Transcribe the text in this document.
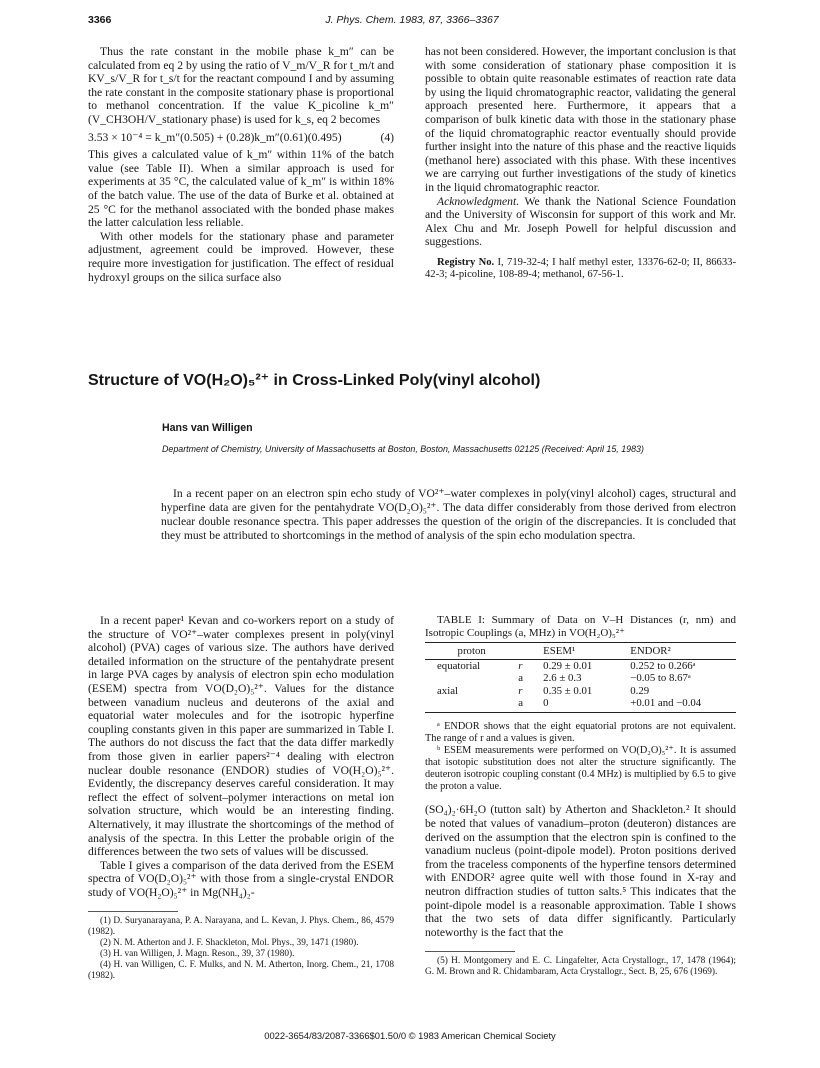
3366	J. Phys. Chem. 1983, 87, 3366–3367

Thus the rate constant in the mobile phase k_m″ can be calculated from eq 2 by using the ratio of V_m/V_R for t_m/t and KV_s/V_R for t_s/t for the reactant compound I and by assuming the rate constant in the composite stationary phase is proportional to methanol concentration. If the value K_picoline k_m″(V_CH3OH/V_stationary phase) is used for k_s, eq 2 becomes

3.53 × 10⁻⁴ = k_m″(0.505) + (0.28)k_m″(0.61)(0.495)	(4)

This gives a calculated value of k_m″ within 11% of the batch value (see Table II). When a similar approach is used for experiments at 35 °C, the calculated value of k_m″ is within 18% of the batch value. The use of the data of Burke et al. obtained at 25 °C for the methanol associated with the bonded phase makes the latter calculation less reliable.

With other models for the stationary phase and parameter adjustment, agreement could be improved. However, these require more investigation for justification. The effect of residual hydroxyl groups on the silica surface also

has not been considered. However, the important conclusion is that with some consideration of stationary phase composition it is possible to obtain quite reasonable estimates of reaction rate data by using the liquid chromatographic reactor, validating the general approach presented here. Furthermore, it appears that a comparison of bulk kinetic data with those in the stationary phase of the liquid chromatographic reactor eventually should provide further insight into the nature of this phase and the reactive liquids (methanol here) associated with this phase. With these incentives we are carrying out further investigations of the study of kinetics in the liquid chromatographic reactor.

Acknowledgment. We thank the National Science Foundation and the University of Wisconsin for support of this work and Mr. Alex Chu and Mr. Joseph Powell for helpful discussion and suggestions.

Registry No. I, 719-32-4; I half methyl ester, 13376-62-0; II, 86633-42-3; 4-picoline, 108-89-4; methanol, 67-56-1.

Structure of VO(H₂O)₅²⁺ in Cross-Linked Poly(vinyl alcohol)
Hans van Willigen
Department of Chemistry, University of Massachusetts at Boston, Boston, Massachusetts 02125 (Received: April 15, 1983)

In a recent paper on an electron spin echo study of VO²⁺–water complexes in poly(vinyl alcohol) cages, structural and hyperfine data are given for the pentahydrate VO(D₂O)₅²⁺. The data differ considerably from those derived from electron nuclear double resonance spectra. This paper addresses the question of the origin of the discrepancies. It is concluded that they must be attributed to shortcomings in the method of analysis of the spin echo modulation spectra.

In a recent paper¹ Kevan and co-workers report on a study of the structure of VO²⁺–water complexes present in poly(vinyl alcohol) (PVA) cages of various size. The authors have derived detailed information on the structure of the pentahydrate present in large PVA cages by analysis of electron spin echo modulation (ESEM) spectra from VO(D₂O)₅²⁺. Values for the distance between vanadium nucleus and deuterons of the axial and equatorial water molecules and for the isotropic hyperfine coupling constants given in this paper are summarized in Table I. The authors do not discuss the fact that the data differ markedly from those given in earlier papers²⁻⁴ dealing with electron nuclear double resonance (ENDOR) studies of VO(H₂O)₅²⁺. Evidently, the discrepancy deserves careful consideration. It may reflect the effect of solvent–polymer interactions on metal ion solvation structure, which would be an interesting finding. Alternatively, it may illustrate the shortcomings of the method of analysis of the spectra. In this Letter the probable origin of the differences between the two sets of values will be discussed.

Table I gives a comparison of the data derived from the ESEM spectra of VO(D₂O)₅²⁺ with those from a single-crystal ENDOR study of VO(H₂O)₅²⁺ in Mg(NH₄)₂-

(1) D. Suryanarayana, P. A. Narayana, and L. Kevan, J. Phys. Chem., 86, 4579 (1982).

(2) N. M. Atherton and J. F. Shackleton, Mol. Phys., 39, 1471 (1980).

(3) H. van Willigen, J. Magn. Reson., 39, 37 (1980).

(4) H. van Willigen, C. F. Mulks, and N. M. Atherton, Inorg. Chem., 21, 1708 (1982).

TABLE I: Summary of Data on V–H Distances (r, nm) and Isotropic Couplings (a, MHz) in VO(H₂O)₅²⁺

proton		ESEM¹	ENDOR²
equatorial	r	0.29 ± 0.01	0.252 to 0.266ᵃ
	a	2.6 ± 0.3	−0.05 to 8.67ᵃ
axial	r	0.35 ± 0.01	0.29
	a	0	+0.01 and −0.04

ᵃ ENDOR shows that the eight equatorial protons are not equivalent. The range of r and a values is given.

ᵇ ESEM measurements were performed on VO(D₂O)₅²⁺. It is assumed that isotopic substitution does not alter the structure significantly. The deuteron isotropic coupling constant (0.4 MHz) is multiplied by 6.5 to give the proton a value.

(SO₄)₂·6H₂O (tutton salt) by Atherton and Shackleton.² It should be noted that values of vanadium–proton (deuteron) distances are derived on the assumption that the electron spin is confined to the vanadium nucleus (point-dipole model). Proton positions derived from the traceless components of the hyperfine tensors determined with ENDOR² agree quite well with those found in X-ray and neutron diffraction studies of tutton salts.⁵ This indicates that the point-dipole model is a reasonable approximation. Table I shows that the two sets of data differ significantly. Particularly noteworthy is the fact that the

(5) H. Montgomery and E. C. Lingafelter, Acta Crystallogr., 17, 1478 (1964); G. M. Brown and R. Chidambaram, Acta Crystallogr., Sect. B, 25, 676 (1969).

0022-3654/83/2087-3366$01.50/0 © 1983 American Chemical Society
